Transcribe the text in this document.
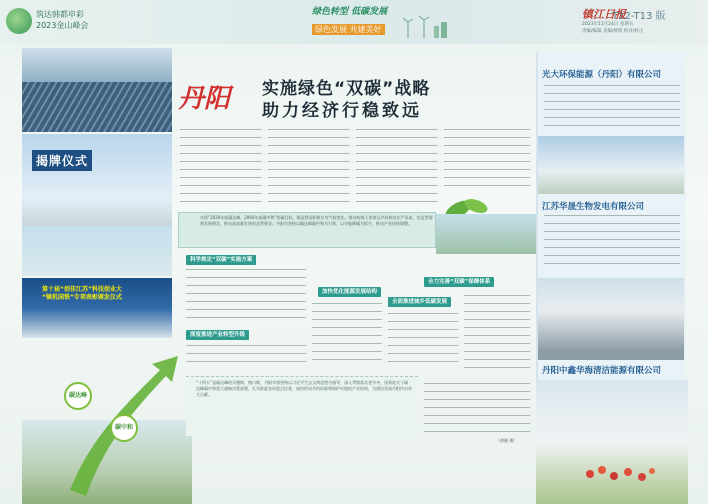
筑达韩都申彩
2023金山峰会
绿色转型 低碳发展
绿色发展 共建美好
镇江日报
T12-T13 版
2023年11月24日 星期五
责编/编辑 美编/排版 校对/校正
揭牌仪式
第十届“创佳江苏”科技创业大
“镇机国铁”专项表彰颁发仪式
碳达峰
碳中和
丹阳 实施绿色“双碳”战略
助力经济行稳致远
实现“2030年前碳达峰、2060年前碳中和”的碳目标，既是我国积极应对气候变化、推动构建人类命运共同体的庄严承诺，也是贯彻新发展理念、推动高质量发展的必然要求。丹阳市坚持以碳达峰碳中和为引领，以节能降碳为抓手，推动产业结构调整。
科学规定“双碳”实施方案
加快优化能源发展结构
全面推进城乡低碳发展
深度推进产业转型升级
全力完善“双碳”保障体系
“十四五”是碳达峰的关键期、窗口期，丹阳市将坚持以习近平生态文明思想为指导，深入贯彻落实党中央、国务院关于碳达峰碳中和重大战略决策部署，扎实推进各项重点任务，加快形成节约资源和保护环境的产业结构，为建设美丽丹阳作出更大贡献。
光大环保能源（丹阳）有限公司
江苏华晟生物发电有限公司
丹阳中鑫华海清洁能源有限公司
（俞晓 摄）
